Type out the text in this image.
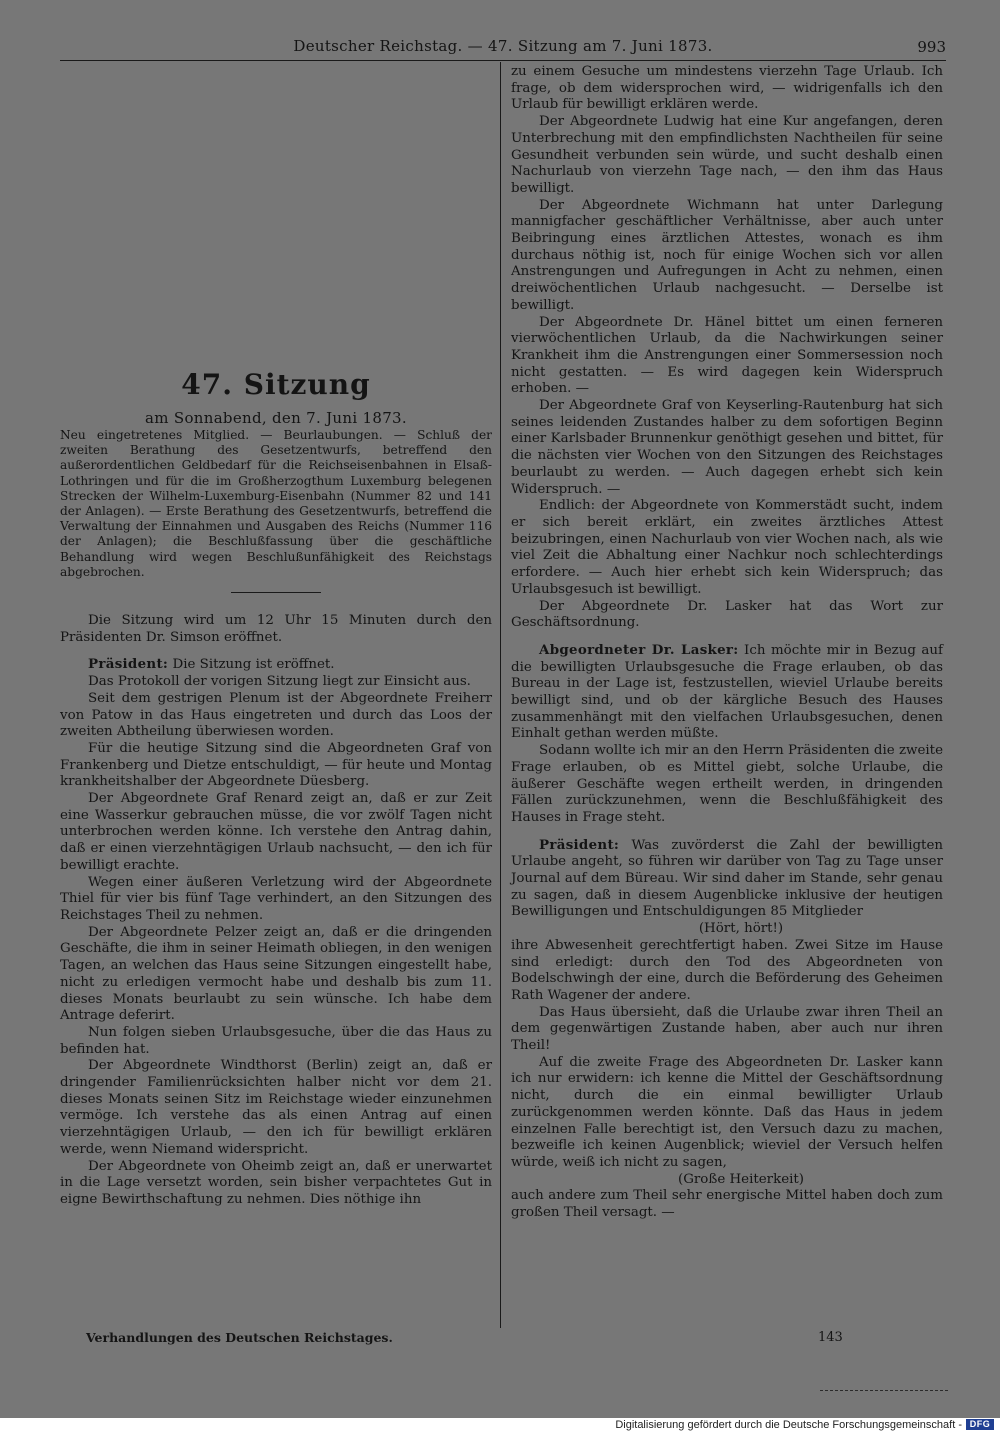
Deutscher Reichstag. — 47. Sitzung am 7. Juni 1873.	993
47. Sitzung
am Sonnabend, den 7. Juni 1873.

Neu eingetretenes Mitglied. — Beurlaubungen. — Schluß der zweiten Berathung des Gesetzentwurfs, betreffend den außerordentlichen Geldbedarf für die Reichseisenbahnen in Elsaß-Lothringen und für die im Großherzogthum Luxemburg belegenen Strecken der Wilhelm-Luxemburg-Eisenbahn (Nummer 82 und 141 der Anlagen). — Erste Berathung des Gesetzentwurfs, betreffend die Verwaltung der Einnahmen und Ausgaben des Reichs (Nummer 116 der Anlagen); die Beschlußfassung über die geschäftliche Behandlung wird wegen Beschlußunfähigkeit des Reichstags abgebrochen.

Die Sitzung wird um 12 Uhr 15 Minuten durch den Präsidenten Dr. Simson eröffnet.

Präsident: Die Sitzung ist eröffnet.

Das Protokoll der vorigen Sitzung liegt zur Einsicht aus.

Seit dem gestrigen Plenum ist der Abgeordnete Freiherr von Patow in das Haus eingetreten und durch das Loos der zweiten Abtheilung überwiesen worden.

Für die heutige Sitzung sind die Abgeordneten Graf von Frankenberg und Dietze entschuldigt, — für heute und Montag krankheitshalber der Abgeordnete Düesberg.

Der Abgeordnete Graf Renard zeigt an, daß er zur Zeit eine Wasserkur gebrauchen müsse, die vor zwölf Tagen nicht unterbrochen werden könne. Ich verstehe den Antrag dahin, daß er einen vierzehntägigen Urlaub nachsucht, — den ich für bewilligt erachte.

Wegen einer äußeren Verletzung wird der Abgeordnete Thiel für vier bis fünf Tage verhindert, an den Sitzungen des Reichstages Theil zu nehmen.

Der Abgeordnete Pelzer zeigt an, daß er die dringenden Geschäfte, die ihm in seiner Heimath obliegen, in den wenigen Tagen, an welchen das Haus seine Sitzungen eingestellt habe, nicht zu erledigen vermocht habe und deshalb bis zum 11. dieses Monats beurlaubt zu sein wünsche. Ich habe dem Antrage deferirt.

Nun folgen sieben Urlaubsgesuche, über die das Haus zu befinden hat.

Der Abgeordnete Windthorst (Berlin) zeigt an, daß er dringender Familienrücksichten halber nicht vor dem 21. dieses Monats seinen Sitz im Reichstage wieder einzunehmen vermöge. Ich verstehe das als einen Antrag auf einen vierzehntägigen Urlaub, — den ich für bewilligt erklären werde, wenn Niemand widerspricht.

Der Abgeordnete von Oheimb zeigt an, daß er unerwartet in die Lage versetzt worden, sein bisher verpachtetes Gut in eigne Bewirthschaftung zu nehmen. Dies nöthige ihn

zu einem Gesuche um mindestens vierzehn Tage Urlaub. Ich frage, ob dem widersprochen wird, — widrigenfalls ich den Urlaub für bewilligt erklären werde.

Der Abgeordnete Ludwig hat eine Kur angefangen, deren Unterbrechung mit den empfindlichsten Nachtheilen für seine Gesundheit verbunden sein würde, und sucht deshalb einen Nachurlaub von vierzehn Tage nach, — den ihm das Haus bewilligt.

Der Abgeordnete Wichmann hat unter Darlegung mannigfacher geschäftlicher Verhältnisse, aber auch unter Beibringung eines ärztlichen Attestes, wonach es ihm durchaus nöthig ist, noch für einige Wochen sich vor allen Anstrengungen und Aufregungen in Acht zu nehmen, einen dreiwöchentlichen Urlaub nachgesucht. — Derselbe ist bewilligt.

Der Abgeordnete Dr. Hänel bittet um einen ferneren vierwöchentlichen Urlaub, da die Nachwirkungen seiner Krankheit ihm die Anstrengungen einer Sommersession noch nicht gestatten. — Es wird dagegen kein Widerspruch erhoben. —

Der Abgeordnete Graf von Keyserling-Rautenburg hat sich seines leidenden Zustandes halber zu dem sofortigen Beginn einer Karlsbader Brunnenkur genöthigt gesehen und bittet, für die nächsten vier Wochen von den Sitzungen des Reichstages beurlaubt zu werden. — Auch dagegen erhebt sich kein Widerspruch. —

Endlich: der Abgeordnete von Kommerstädt sucht, indem er sich bereit erklärt, ein zweites ärztliches Attest beizubringen, einen Nachurlaub von vier Wochen nach, als wie viel Zeit die Abhaltung einer Nachkur noch schlechterdings erfordere. — Auch hier erhebt sich kein Widerspruch; das Urlaubsgesuch ist bewilligt.

Der Abgeordnete Dr. Lasker hat das Wort zur Geschäftsordnung.

Abgeordneter Dr. Lasker: Ich möchte mir in Bezug auf die bewilligten Urlaubsgesuche die Frage erlauben, ob das Bureau in der Lage ist, festzustellen, wieviel Urlaube bereits bewilligt sind, und ob der kärgliche Besuch des Hauses zusammenhängt mit den vielfachen Urlaubsgesuchen, denen Einhalt gethan werden müßte.

Sodann wollte ich mir an den Herrn Präsidenten die zweite Frage erlauben, ob es Mittel giebt, solche Urlaube, die äußerer Geschäfte wegen ertheilt werden, in dringenden Fällen zurückzunehmen, wenn die Beschlußfähigkeit des Hauses in Frage steht.

Präsident: Was zuvörderst die Zahl der bewilligten Urlaube angeht, so führen wir darüber von Tag zu Tage unser Journal auf dem Büreau. Wir sind daher im Stande, sehr genau zu sagen, daß in diesem Augenblicke inklusive der heutigen Bewilligungen und Entschuldigungen 85 Mitglieder

(Hört, hört!)

ihre Abwesenheit gerechtfertigt haben. Zwei Sitze im Hause sind erledigt: durch den Tod des Abgeordneten von Bodelschwingh der eine, durch die Beförderung des Geheimen Rath Wagener der andere.

Das Haus übersieht, daß die Urlaube zwar ihren Theil an dem gegenwärtigen Zustande haben, aber auch nur ihren Theil!

Auf die zweite Frage des Abgeordneten Dr. Lasker kann ich nur erwidern: ich kenne die Mittel der Geschäftsordnung nicht, durch die ein einmal bewilligter Urlaub zurückgenommen werden könnte. Daß das Haus in jedem einzelnen Falle berechtigt ist, den Versuch dazu zu machen, bezweifle ich keinen Augenblick; wieviel der Versuch helfen würde, weiß ich nicht zu sagen,

(Große Heiterkeit)

auch andere zum Theil sehr energische Mittel haben doch zum großen Theil versagt. —

Verhandlungen des Deutschen Reichstages.	143
Digitalisierung gefördert durch die Deutsche Forschungsgemeinschaft - DFG
